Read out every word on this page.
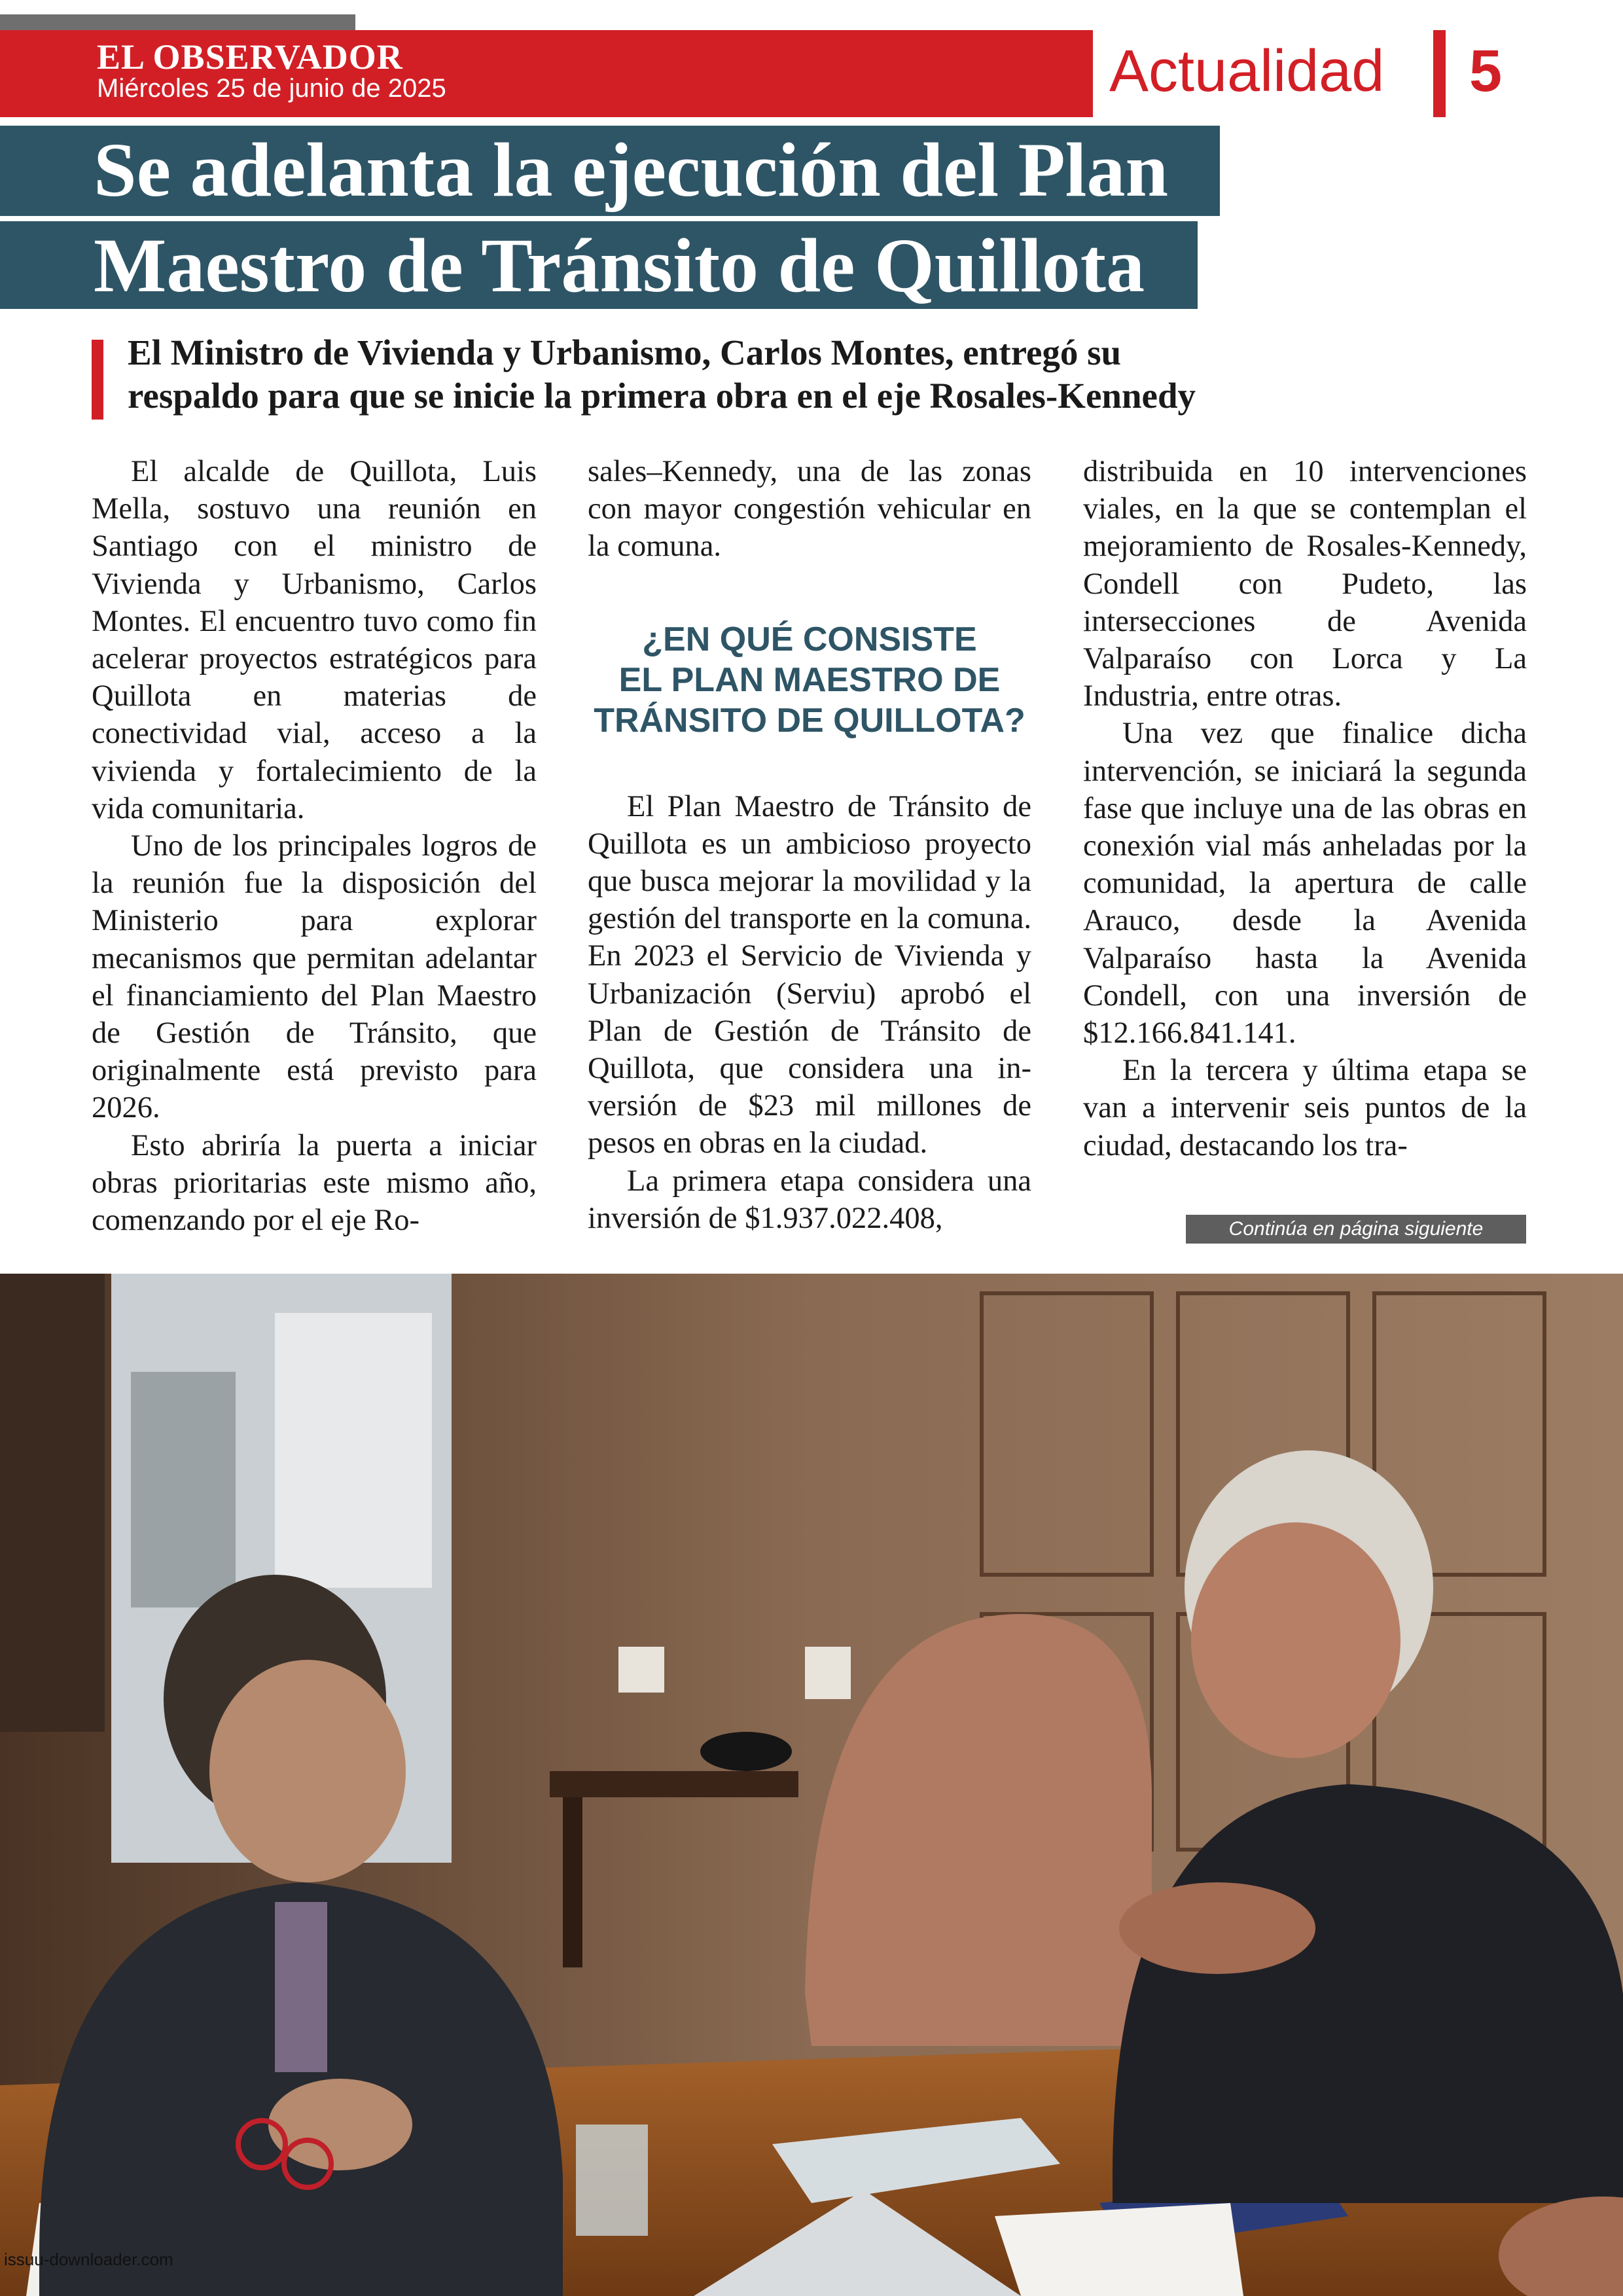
EL OBSERVADOR
Miércoles 25 de junio de 2025	Actualidad 5
Se adelanta la ejecución del Plan
Maestro de Tránsito de Quillota
El Ministro de Vivienda y Urbanismo, Carlos Montes, entregó su
respaldo para que se inicie la primera obra en el eje Rosales-Kennedy

El alcalde de Quillota, Luis Mella, sostuvo una reunión en Santiago con el ministro de Vivienda y Urbanismo, Carlos Montes. El encuentro tuvo como fin acelerar proyectos estratégicos para Quillota en materias de conectividad vial, acceso a la vivienda y fortalecimiento de la vida comunitaria.

Uno de los principales logros de la reunión fue la disposición del Ministerio para explorar mecanismos que permitan adelantar el financiamiento del Plan Maestro de Gestión de Tránsito, que originalmente está previsto para 2026.

Esto abriría la puerta a iniciar obras prioritarias este mismo año, comenzando por el eje Ro-

sales–Kennedy, una de las zonas con mayor congestión vehicular en la comuna.

¿EN QUÉ CONSISTE
EL PLAN MAESTRO DE
TRÁNSITO DE QUILLOTA?

El Plan Maestro de Tránsito de Quillota es un ambicioso proyecto que busca mejorar la movilidad y la gestión del transporte en la comuna. En 2023 el Servicio de Vivienda y Urbanización (Serviu) aprobó el Plan de Gestión de Tránsito de Quillota, que considera una inversión de $23 mil millones de pesos en obras en la ciudad.

La primera etapa considera una inversión de $1.937.022.408,

distribuida en 10 intervenciones viales, en la que se contemplan el mejoramiento de Rosales-Kennedy, Condell con Pudeto, las intersecciones de Avenida Valparaíso con Lorca y La Industria, entre otras.

Una vez que finalice dicha intervención, se iniciará la segunda fase que incluye una de las obras en conexión vial más anheladas por la comunidad, la apertura de calle Arauco, desde la Avenida Valparaíso hasta la Avenida Condell, con una inversión de $12.166.841.141.

En la tercera y última etapa se van a intervenir seis puntos de la ciudad, destacando los tra-

Continúa en página siguiente
issuu-downloader.com
